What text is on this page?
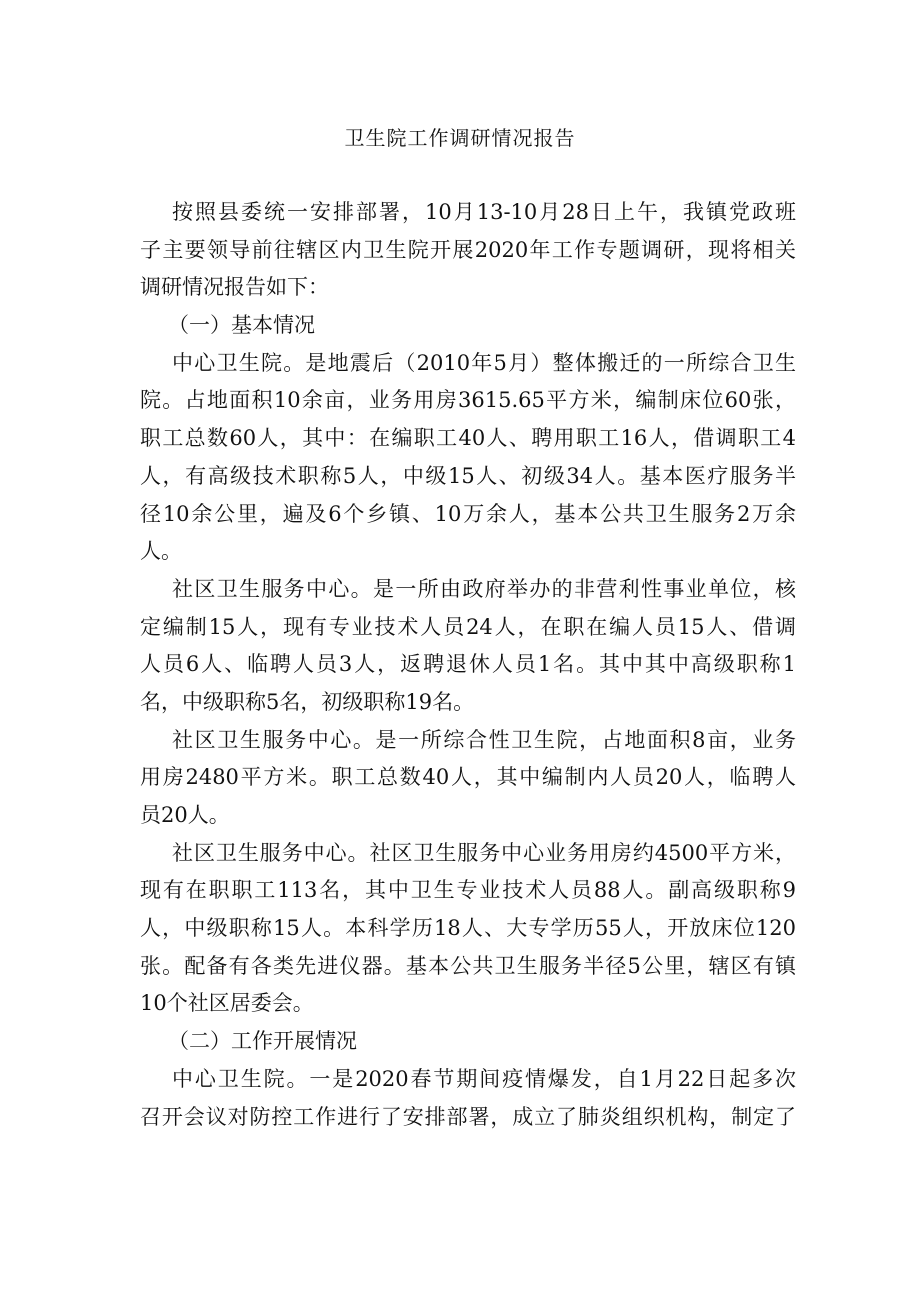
卫生院工作调研情况报告
按照县委统一安排部署，10月13-10月28日上午，我镇党政班
子主要领导前往辖区内卫生院开展2020年工作专题调研，现将相关
调研情况报告如下：
（一）基本情况
中心卫生院。是地震后（2010年5月）整体搬迁的一所综合卫生
院。占地面积10余亩，业务用房3615.65平方米，编制床位60张，
职工总数60人，其中：在编职工40人、聘用职工16人，借调职工4
人，有高级技术职称5人，中级15人、初级34人。基本医疗服务半
径10余公里，遍及6个乡镇、10万余人，基本公共卫生服务2万余
人。
社区卫生服务中心。是一所由政府举办的非营利性事业单位，核
定编制15人，现有专业技术人员24人，在职在编人员15人、借调
人员6人、临聘人员3人，返聘退休人员1名。其中其中高级职称1
名，中级职称5名，初级职称19名。
社区卫生服务中心。是一所综合性卫生院，占地面积8亩，业务
用房2480平方米。职工总数40人，其中编制内人员20人，临聘人
员20人。
社区卫生服务中心。社区卫生服务中心业务用房约4500平方米，
现有在职职工113名，其中卫生专业技术人员88人。副高级职称9
人，中级职称15人。本科学历18人、大专学历55人，开放床位120
张。配备有各类先进仪器。基本公共卫生服务半径5公里，辖区有镇
10个社区居委会。
（二）工作开展情况
中心卫生院。一是2020春节期间疫情爆发，自1月22日起多次
召开会议对防控工作进行了安排部署，成立了肺炎组织机构，制定了
